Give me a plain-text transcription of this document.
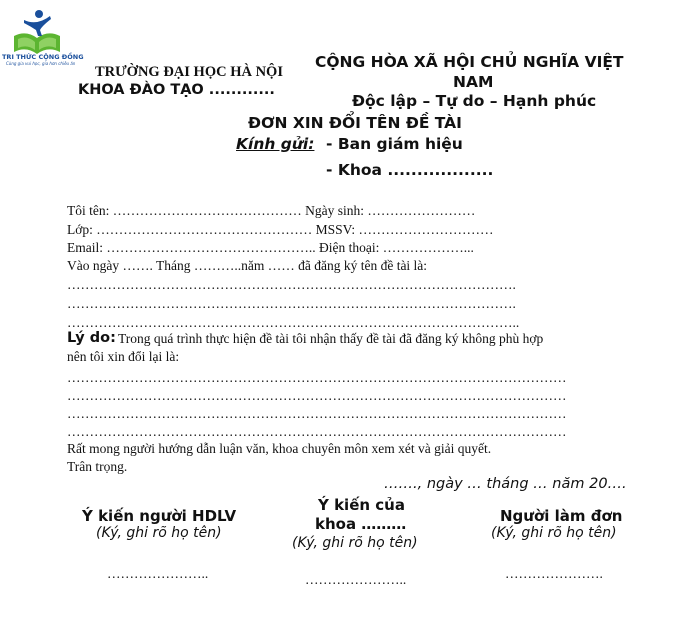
TRI THỨC CỘNG ĐỒNG
Cùng gia vui học, gia hơn chiêu ăn
TRƯỜNG ĐẠI HỌC HÀ NỘI
KHOA ĐÀO TẠO ............
CỘNG HÒA XÃ HỘI CHỦ NGHĨA VIỆT
NAM
Độc lập – Tự do – Hạnh phúc
ĐƠN XIN ĐỔI TÊN ĐỀ TÀI
Kính gửi: - Ban giám hiệu
- Khoa ..................
Tôi tên: …………………………………… Ngày sinh: ……………………
Lớp: ………………………………………… MSSV: …………………………
Email: ……………………………………….. Điện thoại: ………………...
Vào ngày ……. Tháng ………..năm …… đã đăng ký tên đề tài là:
……………………………………………………………………………………….
……………………………………………………………………………………….
………………………………………………………………………………………..
Lý do: Trong quá trình thực hiện đề tài tôi nhận thấy đề tài đã đăng ký không phù hợp
nên tôi xin đổi lại là:
…………………………………………………………………………………………………
…………………………………………………………………………………………………
…………………………………………………………………………………………………
…………………………………………………………………………………………………
Rất mong người hướng dẫn luận văn, khoa chuyên môn xem xét và giải quyết.
Trân trọng.
……., ngày … tháng … năm 20….
Ý kiến người HDLV
(Ký, ghi rõ họ tên)
…………………..
Ý kiến của
khoa ………
(Ký, ghi rõ họ tên)
…………………..
Người làm đơn
(Ký, ghi rõ họ tên)
………………….
